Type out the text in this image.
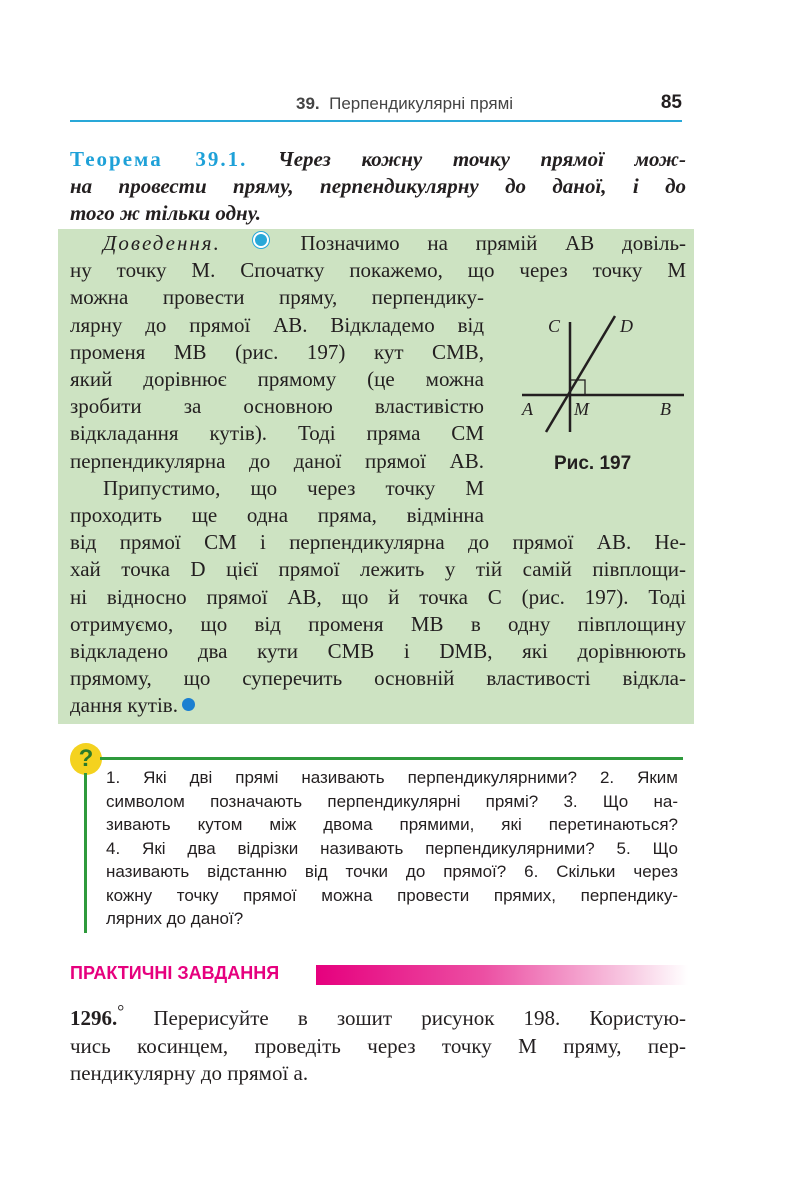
39. Перпендикулярні прямі	85

Теорема 39.1. Через кожну точку прямої мож-

на провести пряму, перпендикулярну до даної, і до

того ж тільки одну.

Доведення.	Позначимо на прямій AB довіль-

ну точку M. Спочатку покажемо, що через точку M

можна провести пряму, перпендику-

лярну до прямої AB. Відкладемо від

променя MB (рис. 197) кут CMB,

який дорівнює прямому (це можна

зробити за основною властивістю

відкладання кутів). Тоді пряма CM

перпендикулярна до даної прямої AB.

Припустимо, що через точку M

проходить ще одна пряма, відмінна

від прямої CM і перпендикулярна до прямої AB. Не-

хай точка D цієї прямої лежить у тій самій півплощи-

ні відносно прямої AB, що й точка C (рис. 197). Тоді

отримуємо, що від променя MB в одну півплощину

відкладено два кути CMB і DMB, які дорівнюють

прямому, що суперечить основній властивості відкла-

дання кутів.

C	D
A M	B
Рис. 197
?

1. Які дві прямі називають перпендикулярними? 2. Яким

символом позначають перпендикулярні прямі? 3. Що на-

зивають кутом між двома прямими, які перетинаються?

4. Які два відрізки називають перпендикулярними? 5. Що

називають відстанню від точки до прямої? 6. Скільки через

кожну точку прямої можна провести прямих, перпендику-

лярних до даної?

ПРАКТИЧНІ ЗАВДАННЯ

1296.° Перерисуйте в зошит рисунок 198. Користую-

чись косинцем, проведіть через точку M пряму, пер-

пендикулярну до прямої a.
